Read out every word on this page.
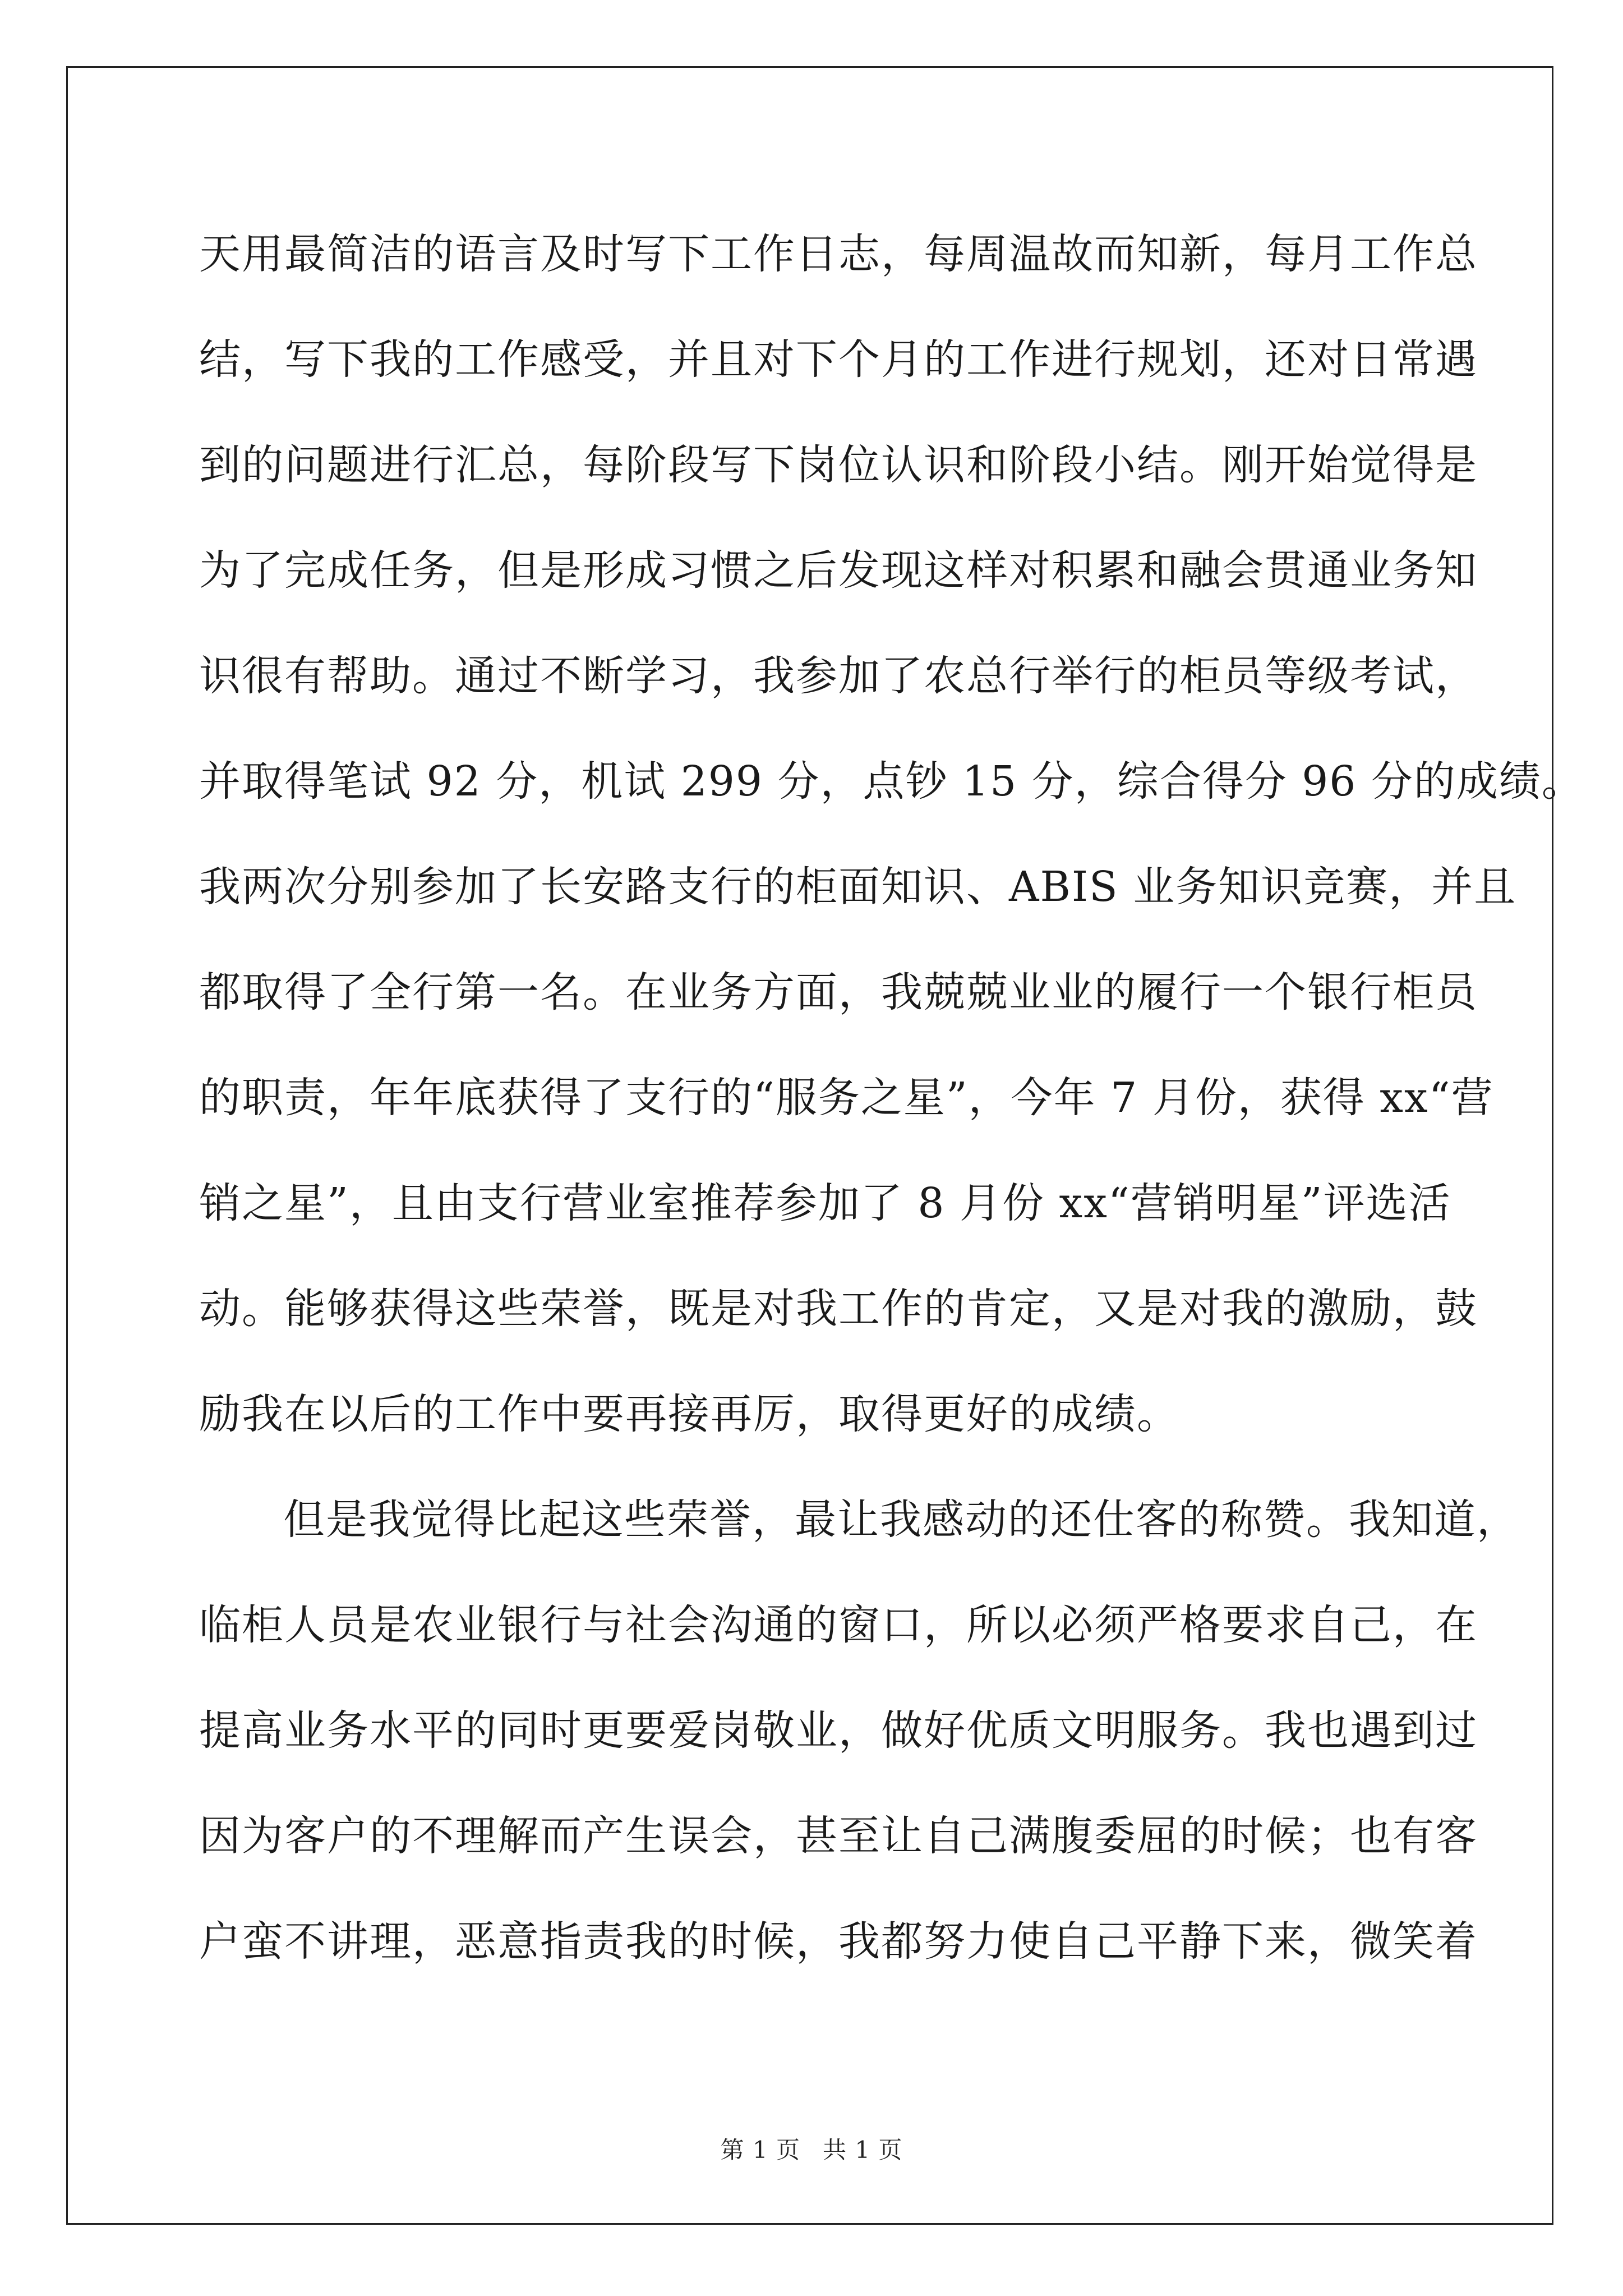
天用最简洁的语言及时写下工作日志，每周温故而知新，每月工作总
结，写下我的工作感受，并且对下个月的工作进行规划，还对日常遇
到的问题进行汇总，每阶段写下岗位认识和阶段小结。刚开始觉得是
为了完成任务，但是形成习惯之后发现这样对积累和融会贯通业务知
识很有帮助。通过不断学习，我参加了农总行举行的柜员等级考试，
并取得笔试 92 分，机试 299 分，点钞 15 分，综合得分 96 分的成绩。
我两次分别参加了长安路支行的柜面知识、ABIS 业务知识竞赛，并且
都取得了全行第一名。在业务方面，我兢兢业业的履行一个银行柜员
的职责，年年底获得了支行的“服务之星”，今年 7 月份，获得 xx“营
销之星”，且由支行营业室推荐参加了 8 月份 xx“营销明星”评选活
动。能够获得这些荣誉，既是对我工作的肯定，又是对我的激励，鼓
励我在以后的工作中要再接再厉，取得更好的成绩。
但是我觉得比起这些荣誉，最让我感动的还仕客的称赞。我知道，
临柜人员是农业银行与社会沟通的窗口，所以必须严格要求自己，在
提高业务水平的同时更要爱岗敬业，做好优质文明服务。我也遇到过
因为客户的不理解而产生误会，甚至让自己满腹委屈的时候；也有客
户蛮不讲理，恶意指责我的时候，我都努力使自己平静下来，微笑着
第 1 页 共 1 页
